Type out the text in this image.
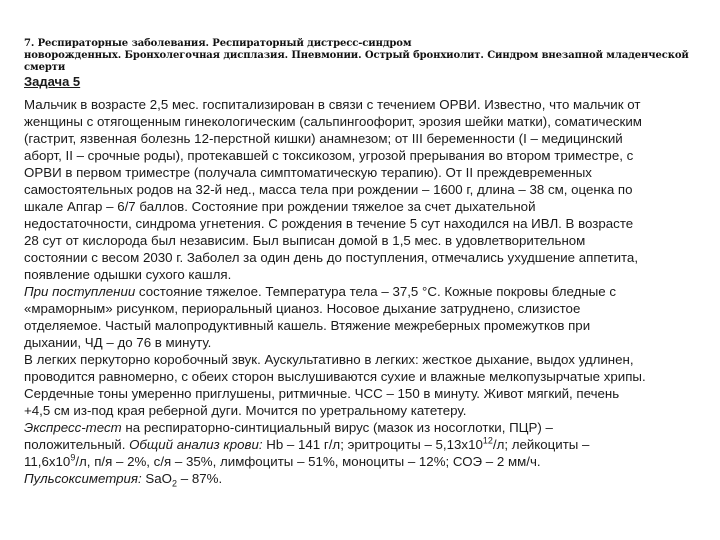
7. Респираторные заболевания. Респираторный дистресс-синдром
новорожденных. Бронхолегочная дисплазия. Пневмонии. Острый бронхиолит. Синдром внезапной младенческой
смерти
Задача 5
Мальчик в возрасте 2,5 мес. госпитализирован в связи с течением ОРВИ. Известно, что мальчик от
женщины с отягощенным гинекологическим (сальпингоофорит, эрозия шейки матки), соматическим
(гастрит, язвенная болезнь 12-перстной кишки) анамнезом; от III беременности (I – медицинский
аборт, II – срочные роды), протекавшей с токсикозом, угрозой прерывания во втором триместре, с
ОРВИ в первом триместре (получала симптоматическую терапию). От II преждевременных
самостоятельных родов на 32-й нед., масса тела при рождении – 1600 г, длина – 38 см, оценка по
шкале Апгар – 6/7 баллов. Состояние при рождении тяжелое за счет дыхательной
недостаточности, синдрома угнетения. С рождения в течение 5 сут находился на ИВЛ. В возрасте
28 сут от кислорода был независим. Был выписан домой в 1,5 мес. в удовлетворительном
состоянии с весом 2030 г. Заболел за один день до поступления, отмечались ухудшение аппетита,
появление одышки сухого кашля.
При поступлении состояние тяжелое. Температура тела – 37,5 °C. Кожные покровы бледные с
«мраморным» рисунком, периоральный цианоз. Носовое дыхание затруднено, слизистое
отделяемое. Частый малопродуктивный кашель. Втяжение межреберных промежутков при
дыхании, ЧД – до 76 в минуту.
В легких перкуторно коробочный звук. Аускультативно в легких: жесткое дыхание, выдох удлинен,
проводится равномерно, с обеих сторон выслушиваются сухие и влажные мелкопузырчатые хрипы.
Сердечные тоны умеренно приглушены, ритмичные. ЧСС – 150 в минуту. Живот мягкий, печень
+4,5 см из-под края реберной дуги. Мочится по уретральному катетеру.
Экспресс-тест на респираторно-синтициальный вирус (мазок из носоглотки, ПЦР) –
положительный. Общий анализ крови: Hb – 141 г/л; эритроциты – $5,13х10^{12}/л$; лейкоциты –
$11,6х10^9/л$, п/я – 2%, с/я – 35%, лимфоциты – 51%, моноциты – 12%; СОЭ – 2 мм/ч.
Пульсоксиметрия: SaO$_2$ – 87%.
